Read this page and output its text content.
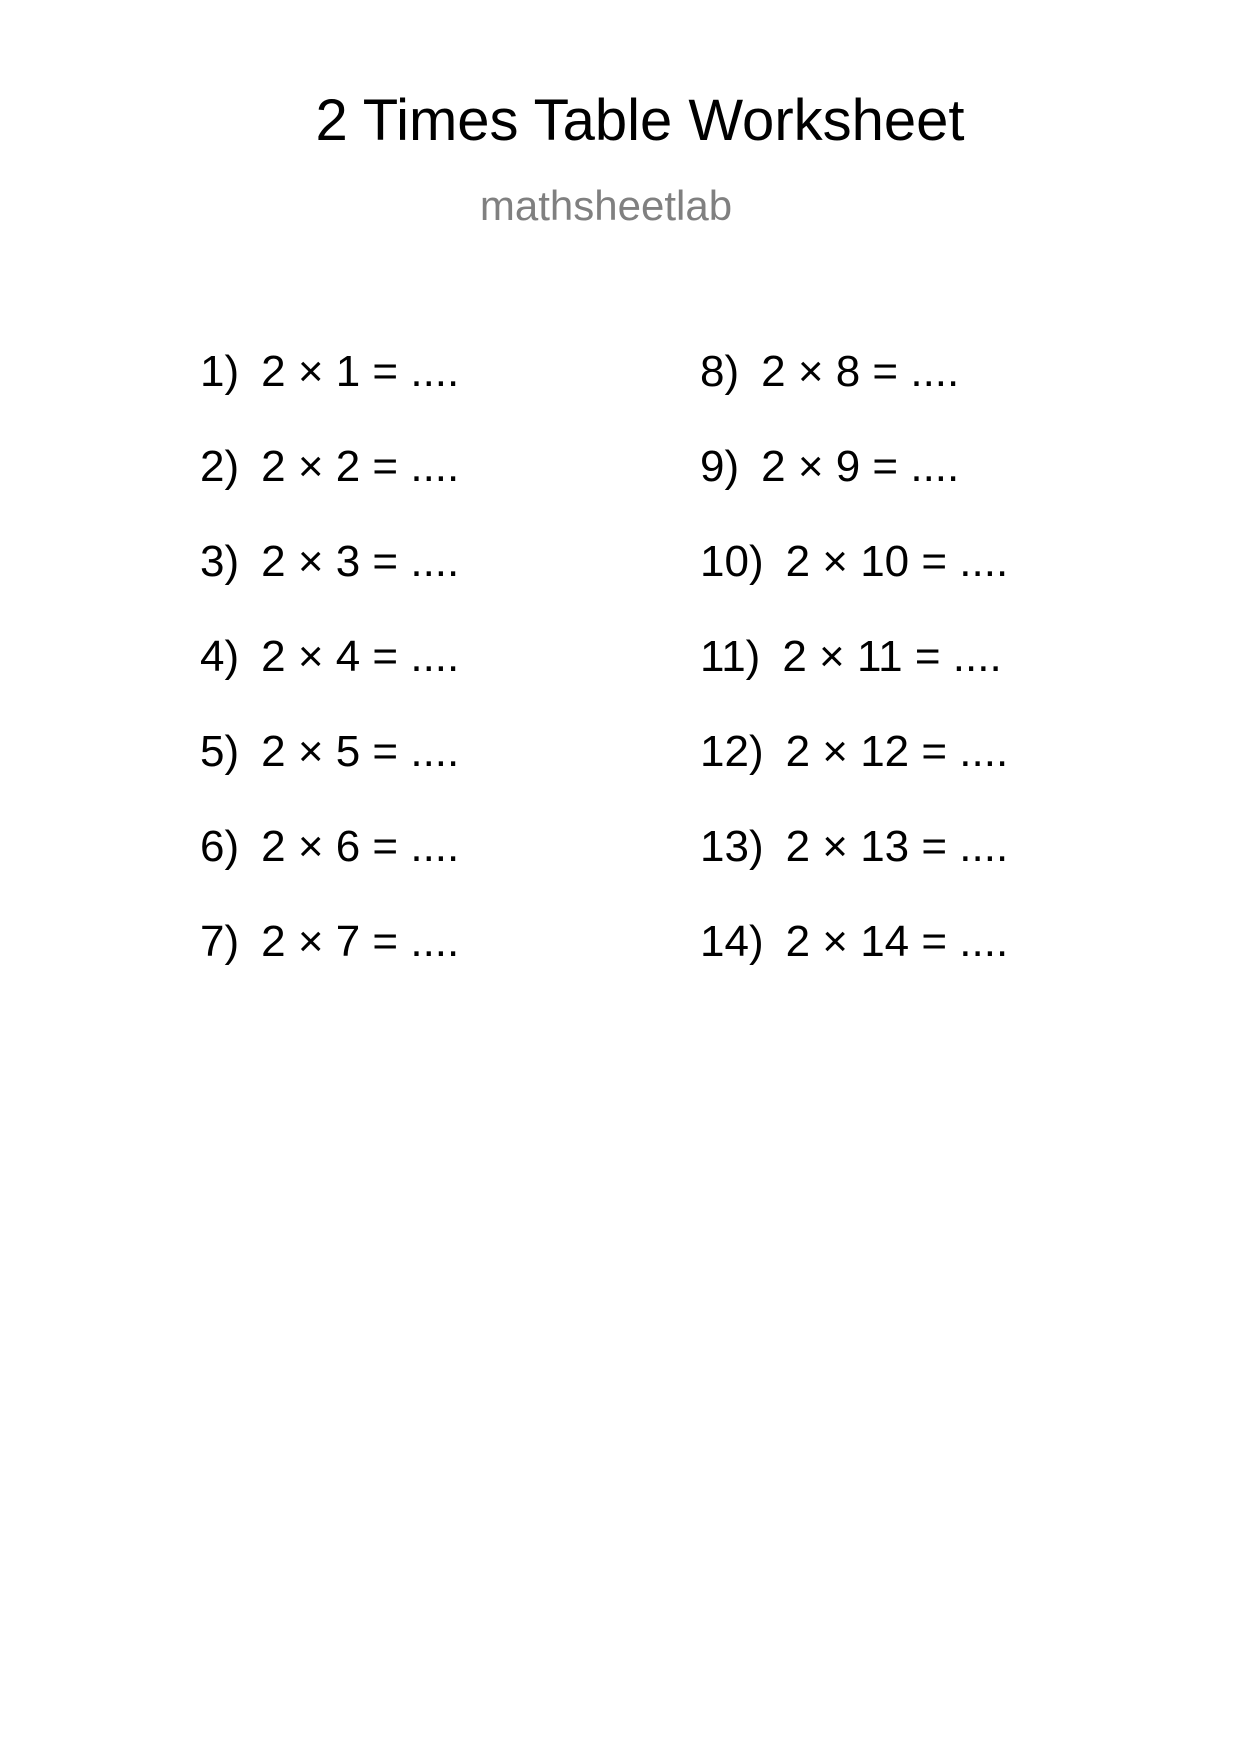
2 Times Table Worksheet
mathsheetlab
1) 2 × 1 = ....
2) 2 × 2 = ....
3) 2 × 3 = ....
4) 2 × 4 = ....
5) 2 × 5 = ....
6) 2 × 6 = ....
7) 2 × 7 = ....
8) 2 × 8 = ....
9) 2 × 9 = ....
10) 2 × 10 = ....
11) 2 × 11 = ....
12) 2 × 12 = ....
13) 2 × 13 = ....
14) 2 × 14 = ....
